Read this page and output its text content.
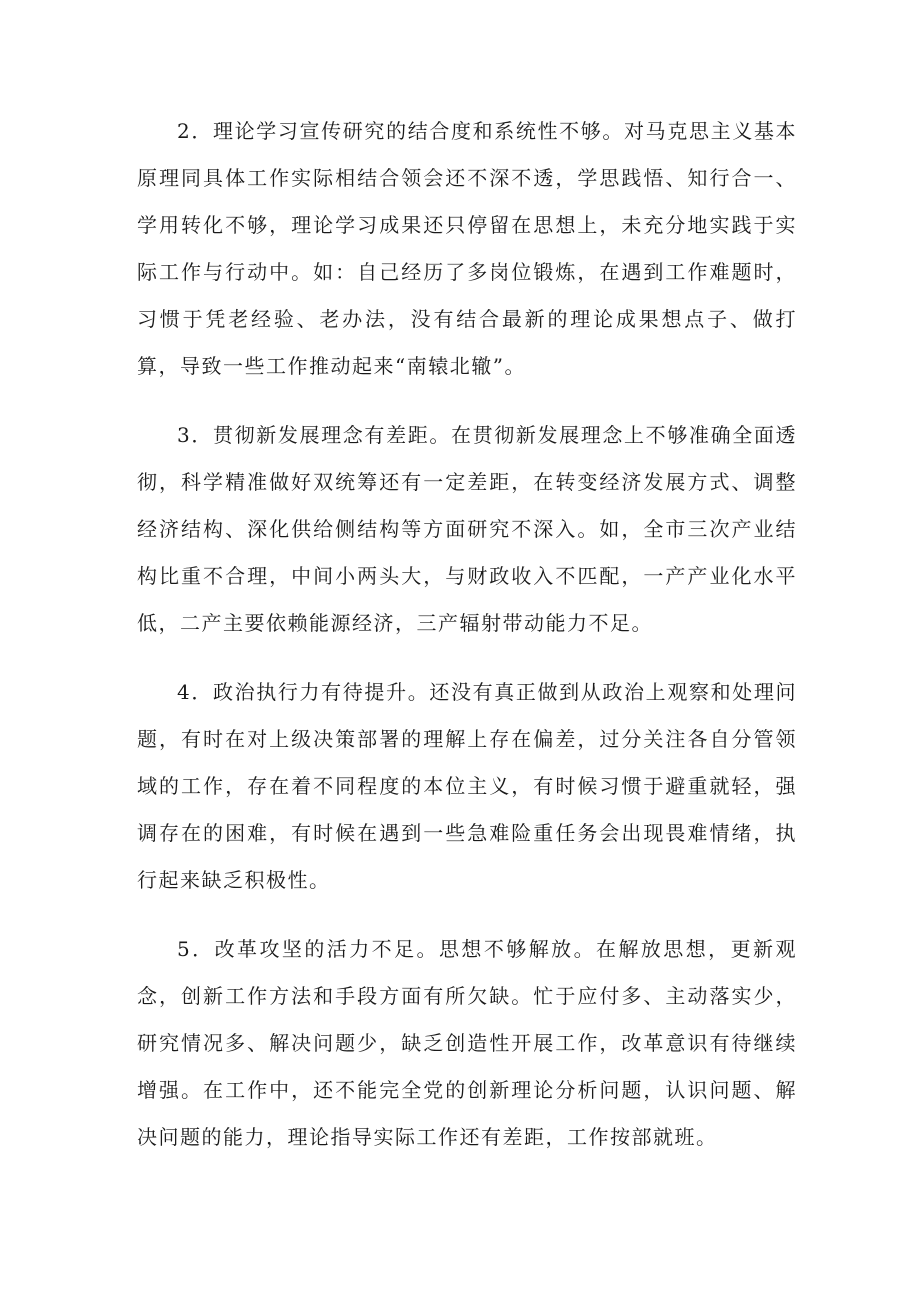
2．理论学习宣传研究的结合度和系统性不够。对马克思主义基本原理同具体工作实际相结合领会还不深不透，学思践悟、知行合一、学用转化不够，理论学习成果还只停留在思想上，未充分地实践于实际工作与行动中。如：自己经历了多岗位锻炼，在遇到工作难题时，习惯于凭老经验、老办法，没有结合最新的理论成果想点子、做打算，导致一些工作推动起来“南辕北辙”。

3．贯彻新发展理念有差距。在贯彻新发展理念上不够准确全面透彻，科学精准做好双统筹还有一定差距，在转变经济发展方式、调整经济结构、深化供给侧结构等方面研究不深入。如，全市三次产业结构比重不合理，中间小两头大，与财政收入不匹配，一产产业化水平低，二产主要依赖能源经济，三产辐射带动能力不足。

4．政治执行力有待提升。还没有真正做到从政治上观察和处理问题，有时在对上级决策部署的理解上存在偏差，过分关注各自分管领域的工作，存在着不同程度的本位主义，有时候习惯于避重就轻，强调存在的困难，有时候在遇到一些急难险重任务会出现畏难情绪，执行起来缺乏积极性。

5．改革攻坚的活力不足。思想不够解放。在解放思想，更新观念，创新工作方法和手段方面有所欠缺。忙于应付多、主动落实少，研究情况多、解决问题少，缺乏创造性开展工作，改革意识有待继续增强。在工作中，还不能完全党的创新理论分析问题，认识问题、解决问题的能力，理论指导实际工作还有差距，工作按部就班。
